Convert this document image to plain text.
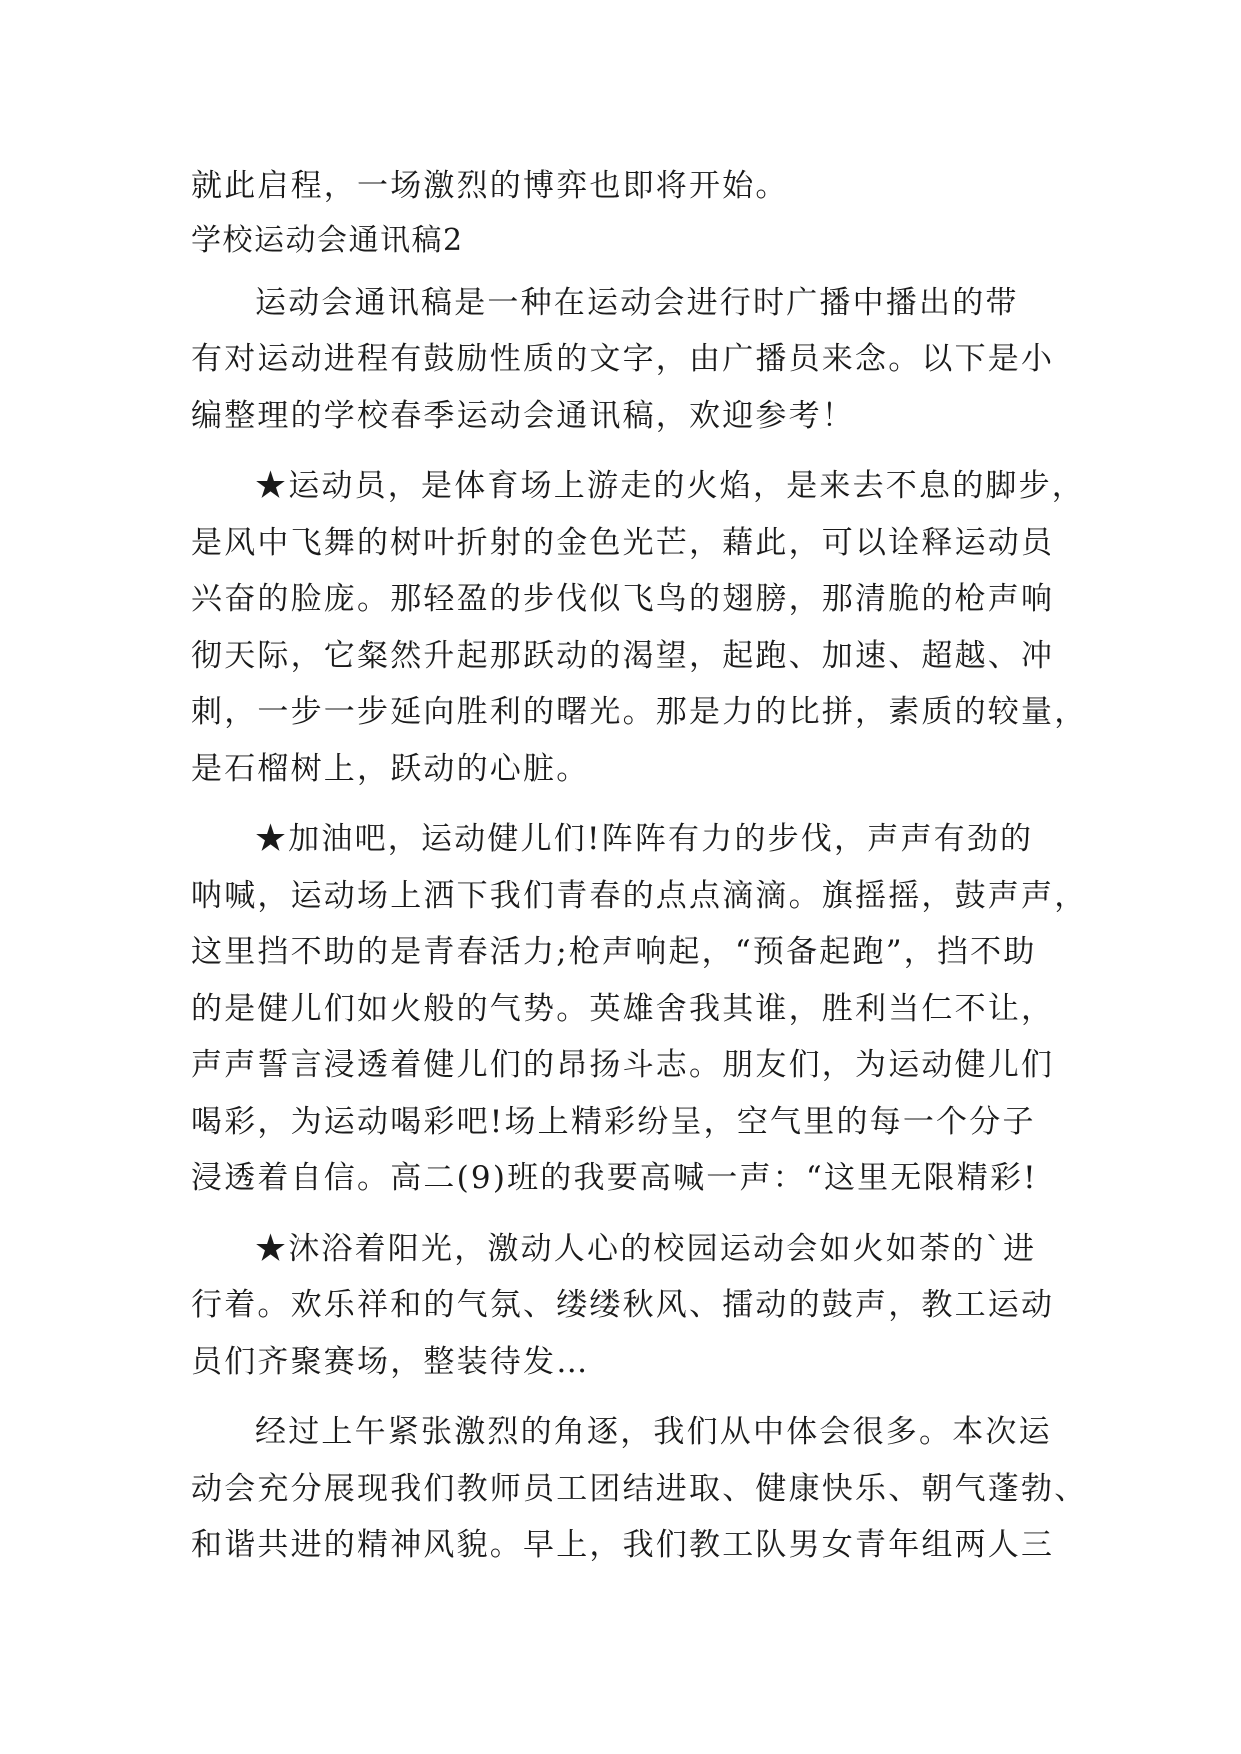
就此启程，一场激烈的博弈也即将开始。
学校运动会通讯稿2
运动会通讯稿是一种在运动会进行时广播中播出的带
有对运动进程有鼓励性质的文字，由广播员来念。以下是小
编整理的学校春季运动会通讯稿，欢迎参考！
★运动员，是体育场上游走的火焰，是来去不息的脚步，
是风中飞舞的树叶折射的金色光芒，藉此，可以诠释运动员
兴奋的脸庞。那轻盈的步伐似飞鸟的翅膀，那清脆的枪声响
彻天际，它粲然升起那跃动的渴望，起跑、加速、超越、冲
刺，一步一步延向胜利的曙光。那是力的比拼，素质的较量，
是石榴树上，跃动的心脏。
★加油吧，运动健儿们!阵阵有力的步伐，声声有劲的
呐喊，运动场上洒下我们青春的点点滴滴。旗摇摇，鼓声声，
这里挡不助的是青春活力;枪声响起，“预备起跑”，挡不助
的是健儿们如火般的气势。英雄舍我其谁，胜利当仁不让，
声声誓言浸透着健儿们的昂扬斗志。朋友们，为运动健儿们
喝彩，为运动喝彩吧!场上精彩纷呈，空气里的每一个分子
浸透着自信。高二(9)班的我要高喊一声：“这里无限精彩!
★沐浴着阳光，激动人心的校园运动会如火如荼的`进
行着。欢乐祥和的气氛、缕缕秋风、擂动的鼓声，教工运动
员们齐聚赛场，整装待发…
经过上午紧张激烈的角逐，我们从中体会很多。本次运
动会充分展现我们教师员工团结进取、健康快乐、朝气蓬勃、
和谐共进的精神风貌。早上，我们教工队男女青年组两人三
